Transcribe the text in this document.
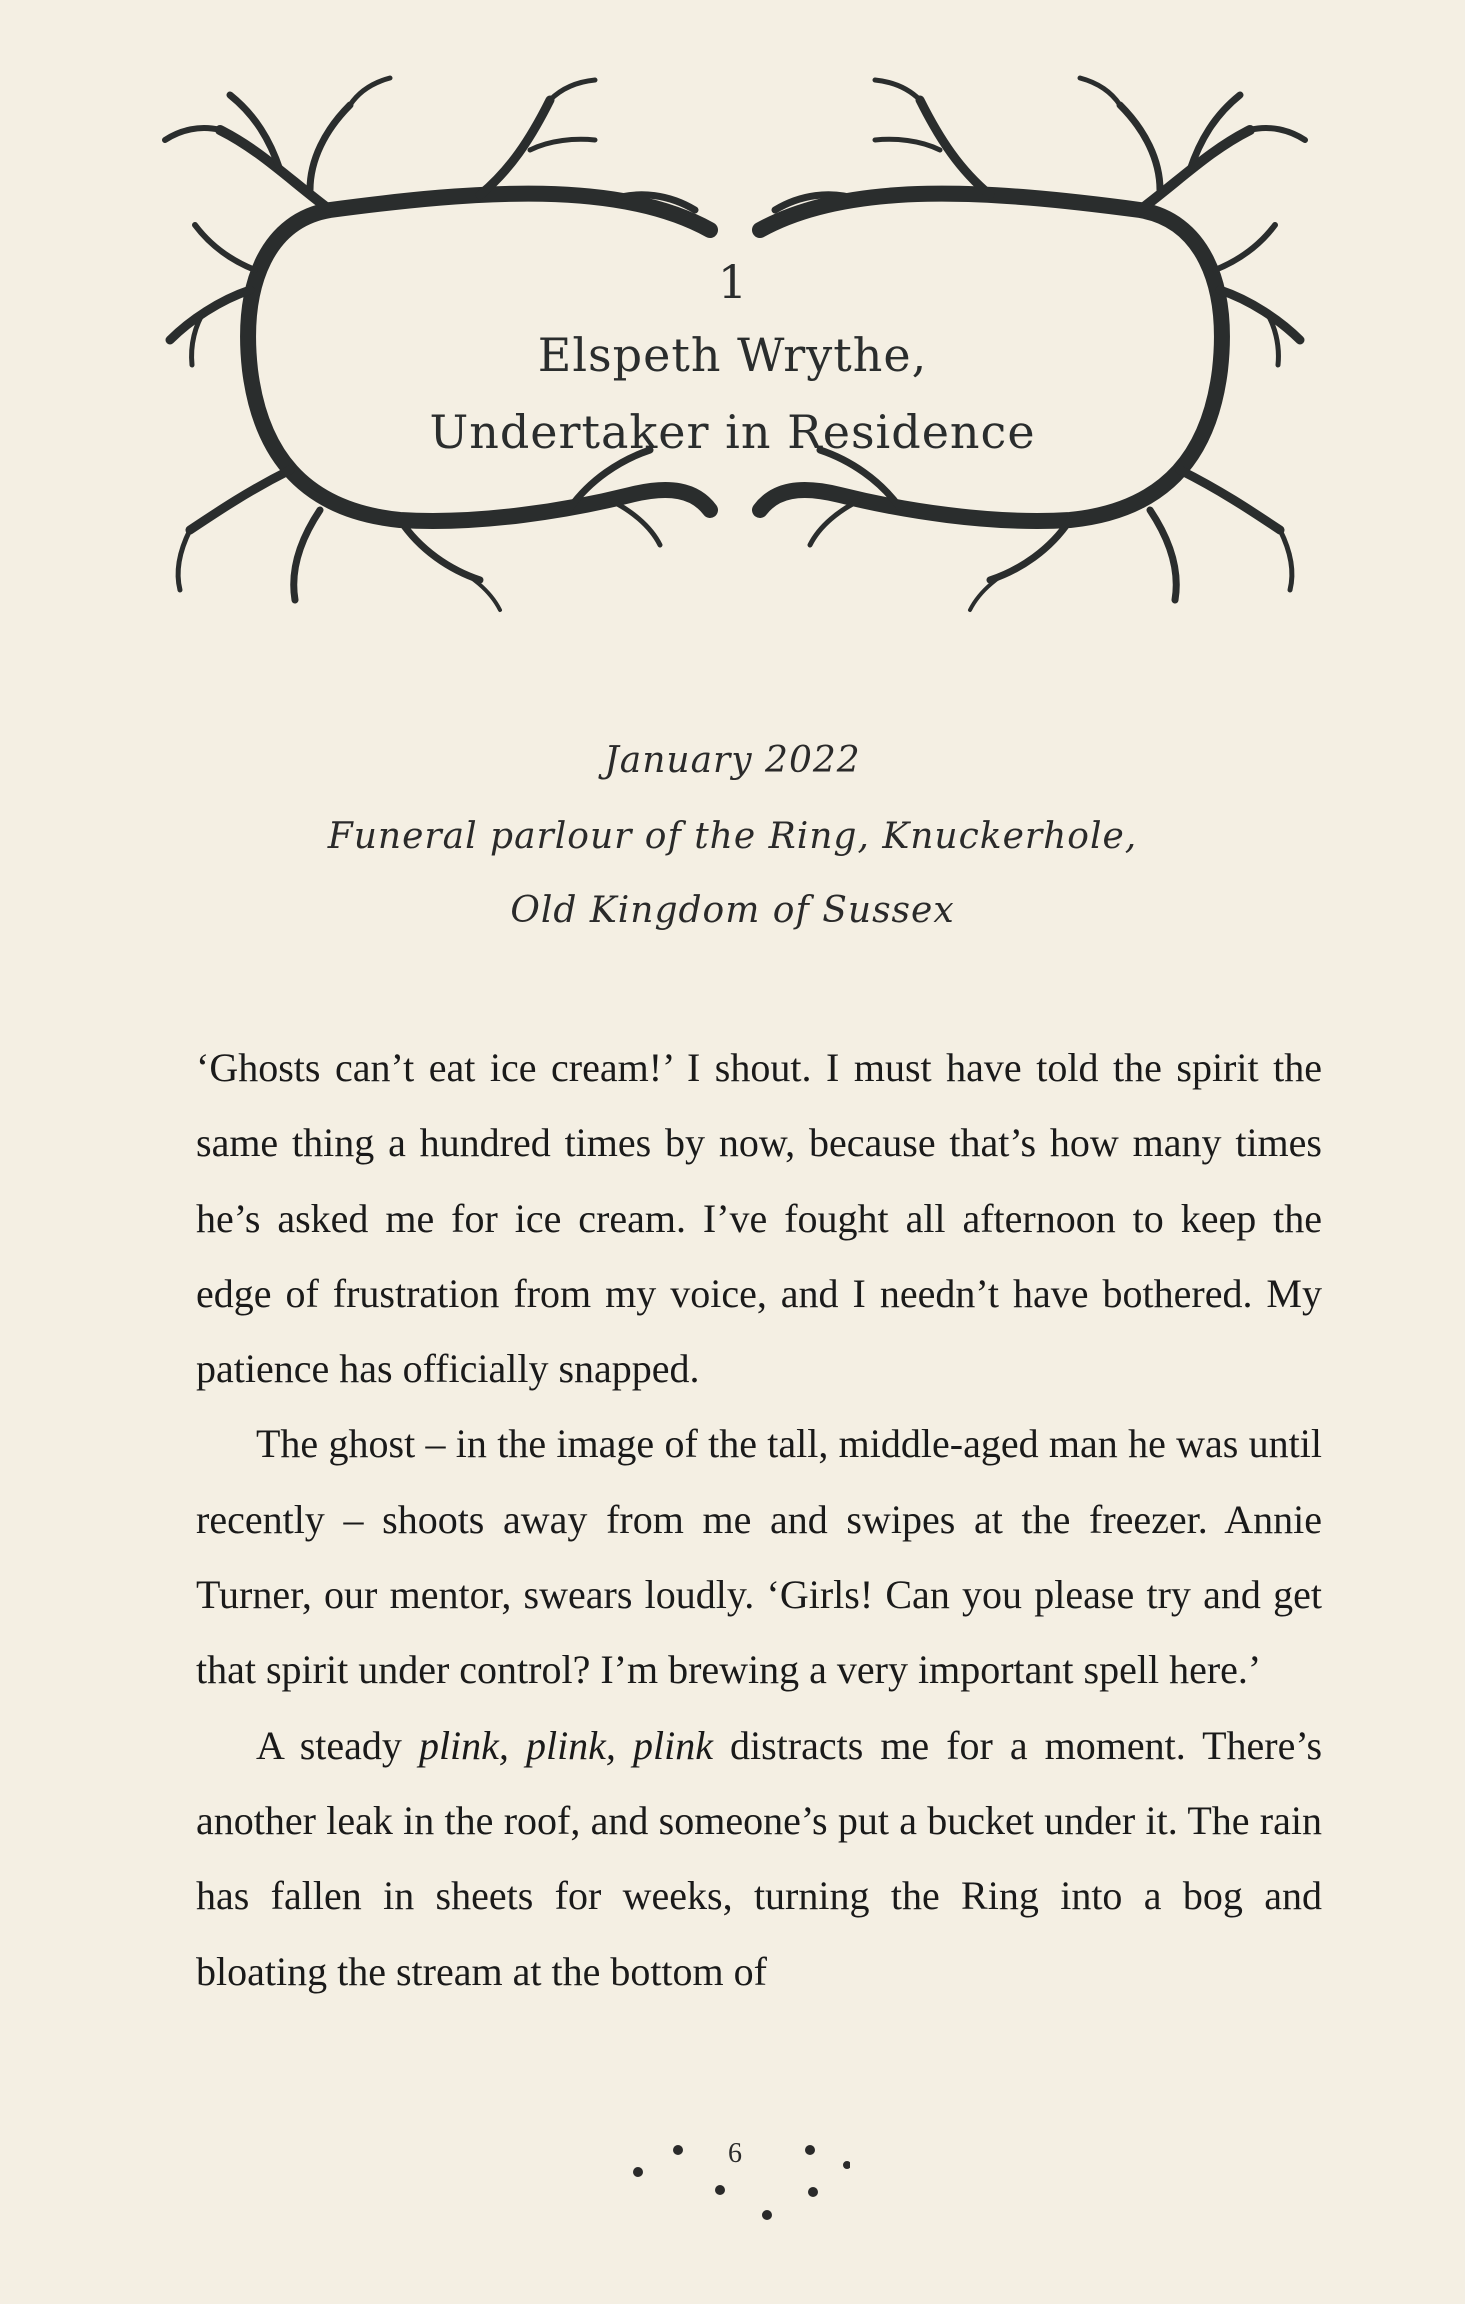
1
Elspeth Wrythe,
Undertaker in Residence
January 2022
Funeral parlour of the Ring, Knuckerhole,
Old Kingdom of Sussex

‘Ghosts can’t eat ice cream!’ I shout. I must have told the spirit the same thing a hundred times by now, because that’s how many times he’s asked me for ice cream. I’ve fought all afternoon to keep the edge of frustration from my voice, and I needn’t have bothered. My patience has officially snapped.

The ghost – in the image of the tall, middle-aged man he was until recently – shoots away from me and swipes at the freezer. Annie Turner, our mentor, swears loudly. ‘Girls! Can you please try and get that spirit under control? I’m brewing a very important spell here.’

A steady plink, plink, plink distracts me for a moment. There’s another leak in the roof, and someone’s put a bucket under it. The rain has fallen in sheets for weeks, turning the Ring into a bog and bloating the stream at the bottom of

6
